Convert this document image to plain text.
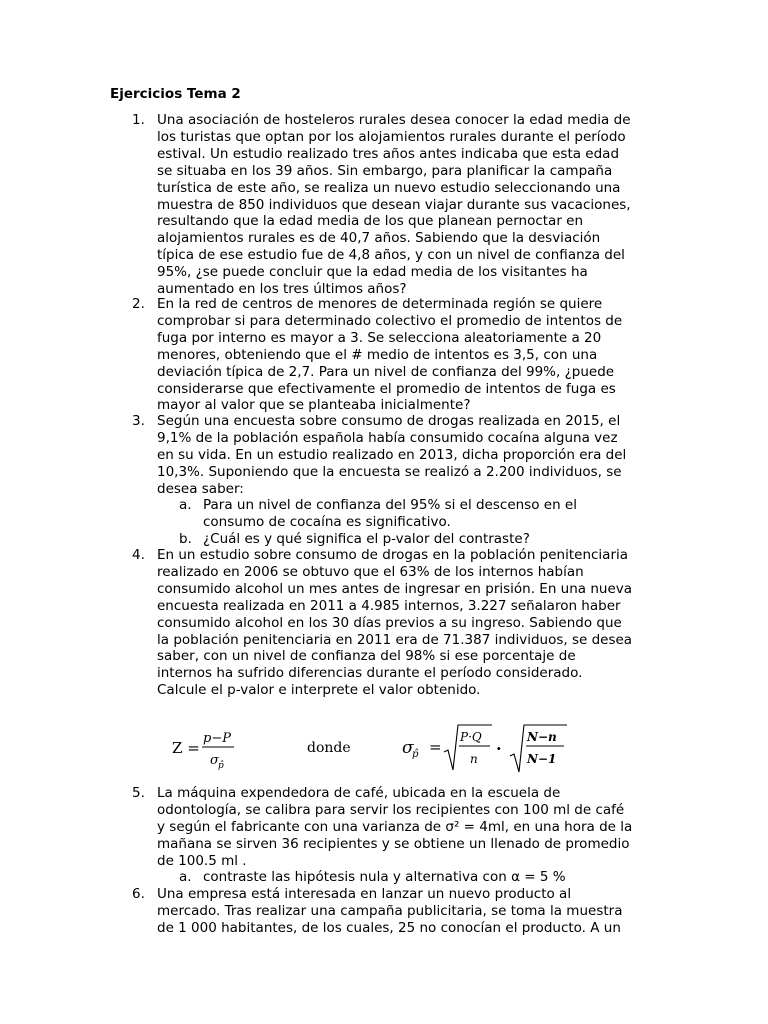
Ejercicios Tema 2
1. Una asociación de hosteleros rurales desea conocer la edad media de
los turistas que optan por los alojamientos rurales durante el período
estival. Un estudio realizado tres años antes indicaba que esta edad
se situaba en los 39 años. Sin embargo, para planificar la campaña
turística de este año, se realiza un nuevo estudio seleccionando una
muestra de 850 individuos que desean viajar durante sus vacaciones,
resultando que la edad media de los que planean pernoctar en
alojamientos rurales es de 40,7 años. Sabiendo que la desviación
típica de ese estudio fue de 4,8 años, y con un nivel de confianza del
95%, ¿se puede concluir que la edad media de los visitantes ha
aumentado en los tres últimos años?
2. En la red de centros de menores de determinada región se quiere
comprobar si para determinado colectivo el promedio de intentos de
fuga por interno es mayor a 3. Se selecciona aleatoriamente a 20
menores, obteniendo que el # medio de intentos es 3,5, con una
deviación típica de 2,7. Para un nivel de confianza del 99%, ¿puede
considerarse que efectivamente el promedio de intentos de fuga es
mayor al valor que se planteaba inicialmente?
3. Según una encuesta sobre consumo de drogas realizada en 2015, el
9,1% de la población española había consumido cocaína alguna vez
en su vida. En un estudio realizado en 2013, dicha proporción era del
10,3%. Suponiendo que la encuesta se realizó a 2.200 individuos, se
desea saber:
a. Para un nivel de confianza del 95% si el descenso en el
consumo de cocaína es significativo.
b. ¿Cuál es y qué significa el p-valor del contraste?
4. En un estudio sobre consumo de drogas en la población penitenciaria
realizado en 2006 se obtuvo que el 63% de los internos habían
consumido alcohol un mes antes de ingresar en prisión. En una nueva
encuesta realizada en 2011 a 4.985 internos, 3.227 señalaron haber
consumido alcohol en los 30 días previos a su ingreso. Sabiendo que
la población penitenciaria en 2011 era de 71.387 individuos, se desea
saber, con un nivel de confianza del 98% si ese porcentaje de
internos ha sufrido diferencias durante el período considerado.
Calcule el p-valor e interprete el valor obtenido.
Z =
p−P
σ p̂
donde	σ
p̂ =
P·Q
n
·
N−n
N−1
5. La máquina expendedora de café, ubicada en la escuela de
odontología, se calibra para servir los recipientes con 100 ml de café
y según el fabricante con una varianza de σ² = 4ml, en una hora de la
mañana se sirven 36 recipientes y se obtiene un llenado de promedio
de 100.5 ml .
a. contraste las hipótesis nula y alternativa con α = 5 %
6. Una empresa está interesada en lanzar un nuevo producto al
mercado. Tras realizar una campaña publicitaria, se toma la muestra
de 1 000 habitantes, de los cuales, 25 no conocían el producto. A un
